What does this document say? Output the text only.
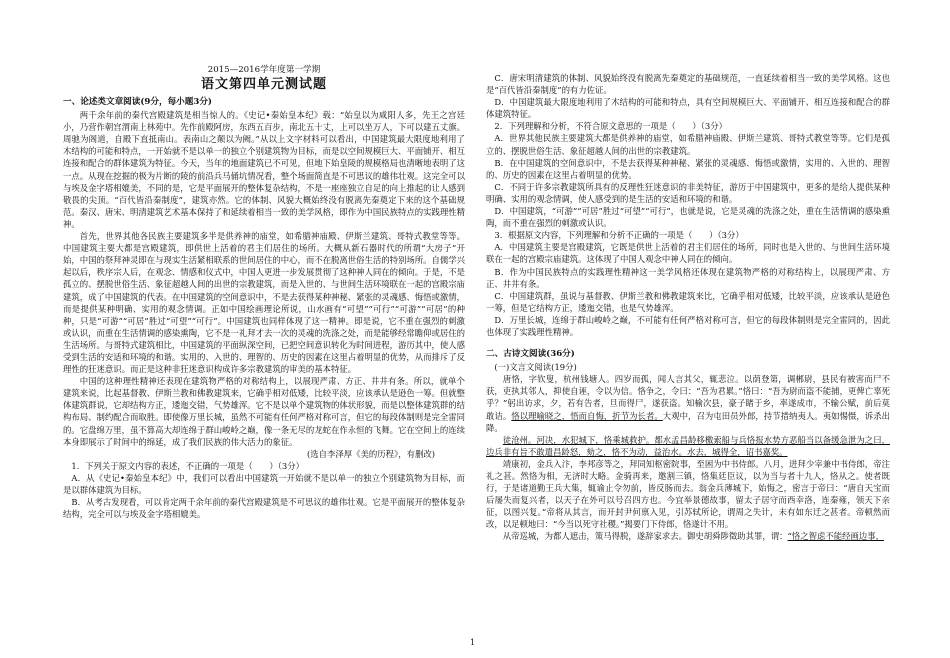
2015—2016学年度第一学期

语文第四单元测试题

一、论述类文章阅读(9分，每小题3分)

两千余年前的秦代宫殿建筑是相当惊人的。《史记•秦始皇本纪》载：“始皇以为咸阳人多，先王之宫廷小，乃营作朝宫渭南上林苑中。先作前殿阿房，东西五百步，南北五十丈，上可以坐万人，下可以建五丈旗。周驰为阁道，自殿下直抵南山。表南山之颠以为阙。”从以上文字材料可以看出，中国建筑最大限度地利用了木结构的可能和特点，一开始就不是以单一的独立个别建筑物为目标，而是以空间规模巨大、平面铺开、相互连接和配合的群体建筑为特征。今天，当年的地面建筑已不可见，但地下始皇陵的规模格局也清晰地表明了这一点。从现在挖掘的极为片断的陵的前沿兵马俑坑情况看，整个场面简直是不可思议的雄伟壮观。这完全可以与埃及金字塔相媲美，不同的是，它是平面展开的整体复杂结构，不是一座座独立自足的向上推起的让人感到敬畏的尖顶。“百代皆沿秦制度”，建筑亦然。它的体制、风貌大概始终没有脱离先秦奠定下来的这个基础规范。秦汉、唐宋、明清建筑艺术基本保持了和延续着相当一致的美学风格，即作为中国民族特点的实践理性精神。

首先，世界其他各民族主要建筑多半是供养神的庙堂，如希腊神庙殿、伊斯兰建筑、哥特式教堂等等。中国建筑主要大都是宫殿建筑，即供世上活着的君主们居住的场所。大概从新石器时代的所谓“大房子”开始，中国的祭拜神灵即在与现实生活紧相联系的世间居住的中心，而不在脱离世俗生活的特别场所。自儒学兴起以后，秩序宗人后，在观念、情感和仪式中，中国人更进一步发展贯彻了这种神人同在的倾向。于是，不是孤立的、摆脱世俗生活、象征超越人间的出世的宗教建筑，而是入世的、与世间生活环境联在一起的宫殿宗庙建筑，成了中国建筑的代表。在中国建筑的空间意识中，不是去获得某种神秘、紧张的灵魂感、悔悟或激情，而是提供某种明确、实用的观念情调。正如中国绘画理论所说，山水画有“可望”“可行”“可游”“可居”的种种，只是“可游”“可居”胜过“可望”“可行”。中国建筑也同样体现了这一精神。即是说，它不重在强烈的刺激或认识，而重在生活情调的感染熏陶，它不是一礼拜才去一次的灵魂的洗涤之处，而是能够经常瞻仰或居住的生活场所。与哥特式建筑相比，中国建筑的平面纵深空间，已把空间意识转化为时间进程，游历其中，使人感受到生活的安适和环境的和谐。实用的、入世的、理智的、历史的因素在这里占着明显的优势，从而排斥了反理性的狂迷意识。而正是这种非狂迷意识构成许多宗教建筑的审美的基本特征。

中国的这种理性精神还表现在建筑物严格的对称结构上，以展现严肃、方正、井井有条。所以，就单个建筑来说，比起基督教、伊斯兰教和佛教建筑来，它确乎相对低矮，比较平淡，应该承认是逊色一筹。但就整体建筑群说，它却结构方正，逶迤交错，气势雄浑。它不是以单个建筑物的体状形貌，而是以整体建筑群的结构布局、制约配合而取胜。即使像万里长城，虽然不可能有任何严格对称可言，但它的每段体制则是完全雷同的。它盘绵万里，虽不算高大却连绵于群山峻岭之巅，像一条无尽的龙蛇在作永恒的飞舞。它在空间上的连续本身即展示了时间中的绵延，成了我们民族的伟大活力的象征。

(选自李泽厚《美的历程》，有删改)

1．下列关于原文内容的表述，不正确的一项是（　　）（3分）

A．从《史记•秦始皇本纪》中，我们可以看出中国建筑一开始就不是以单一的独立个别建筑物为目标，而是以群体建筑为目标。

B．从考古发现看，可以肯定两千余年前的秦代宫殿建筑是不可思议的雄伟壮观。它是平面展开的整体复杂结构，完全可以与埃及金字塔相媲美。

C．唐宋明清建筑的体制、风貌始终没有脱离先秦奠定的基础规范，一直延续着相当一致的美学风格。这也是“百代皆沿秦制度”的有力佐证。

D．中国建筑最大限度地利用了木结构的可能和特点，具有空间规模巨大、平面铺开、相互连接和配合的群体建筑特征。

2．下列理解和分析，不符合原文意思的一项是（　　）（3分）

A．世界其他民族主要建筑大都是供养神的庙堂，如希腊神庙殿、伊斯兰建筑、哥特式教堂等等。它们是孤立的、摆脱世俗生活、象征超越人间的出世的宗教建筑。

B．在中国建筑的空间意识中，不是去获得某种神秘、紧张的灵魂感、悔悟或激情，实用的、入世的、理智的、历史的因素在这里占着明显的优势。

C．不同于许多宗教建筑所具有的反理性狂迷意识的非美特征，游历于中国建筑中，更多的是给人提供某种明确、实用的观念情调，使人感受到的是生活的安适和环境的和谐。

D．中国建筑，“可游”“可居”胜过“可望”“可行”，也就是说，它是灵魂的洗涤之处，重在生活情调的感染熏陶，而不重在强烈的刺激或认识。

3．根据原文内容，下列理解和分析不正确的一项是（　　）（3分）

A．中国建筑主要是宫殿建筑，它既是供世上活着的君主们居住的场所，同时也是入世的、与世间生活环境联在一起的宫殿宗庙建筑。这体现了中国人观念中神人同在的倾向。

B．作为中国民族特点的实践理性精神这一美学风格还体现在建筑物严格的对称结构上，以展现严肃、方正、井井有条。

C．中国建筑群，虽说与基督教、伊斯兰教和佛教建筑来比，它确乎相对低矮，比较平淡，应该承认是逊色一筹，但是它结构方正，逶迤交错，也是气势雄浑。

D．万里长城，连绵于群山峻岭之巅，不可能有任何严格对称可言，但它的每段体制则是完全雷同的，因此也体现了实践理性精神。

二、古诗文阅读(36分)

(一)文言文阅读(19分)

唐恪，字钦叟，杭州钱塘人。四岁而孤，闻人言其父，辄悲泣。以荫登第，调郴尉，县民有被害而尸不获，吏执其邻人，抑使自诬，令以为信。恪争之，令曰：“吾为君累。”恪曰：“吾为尉而盗不能捕，更俾亡辜死乎？”躬出访求，夕，若有告者，旦而得尸，遂获盗。知榆次县，豪子睹于乡，率遂成市，不输公赋，前后莫敢诘。恪以理喻晓之，悟而自悔，折节为长者。大观中，召为屯田员外郎，持节措纳夷人。夷如惕慑，诉杀出降。

徒沧州。河决，水犯城下，恪乘城救护。都水孟昌龄移檄索船与兵恪报水势方恶船当以备缓急泄为之曰，边兵非有旨不敢遣昌龄怒，劾之，恪不为动，益治水。水去，城得全，诏书嘉奖。

靖康初，金兵入汴，李邦彦等之，拜同知枢密院事，至困为中书侍郎。八月，进拜少宰兼中书侍郎，帝注礼之甚。然恪为相，无济时大略。金骑再来，邀割三镇，恪集廷臣议，以为当与者十九人，恪从之。使者既行，于是诸道勤王兵大集，辄谕止令勿前，皆反肠而去。翁金兵薄城下，始悔之，密言于帝曰：“唐自天宝而后屡失而复兴者，以天子在外可以号召四方也。今宜举景德故事，留太子居守而西幸洛，连秦雍，领天下亲征，以图兴复。”帝将从其言，而开封尹何禀入见，引苏轼所论，谓周之失计，未有如东迁之甚者。帝顿然而改，以足顿地曰：“今当以死守社稷。”揭要门下侍郎，恪遂计不用。

从帝巡城，为都人遮击，策马得脱，遂辞家求去。御史胡舜陟徵助其罪，谓：“恪之智虑不能经画边事，

1
